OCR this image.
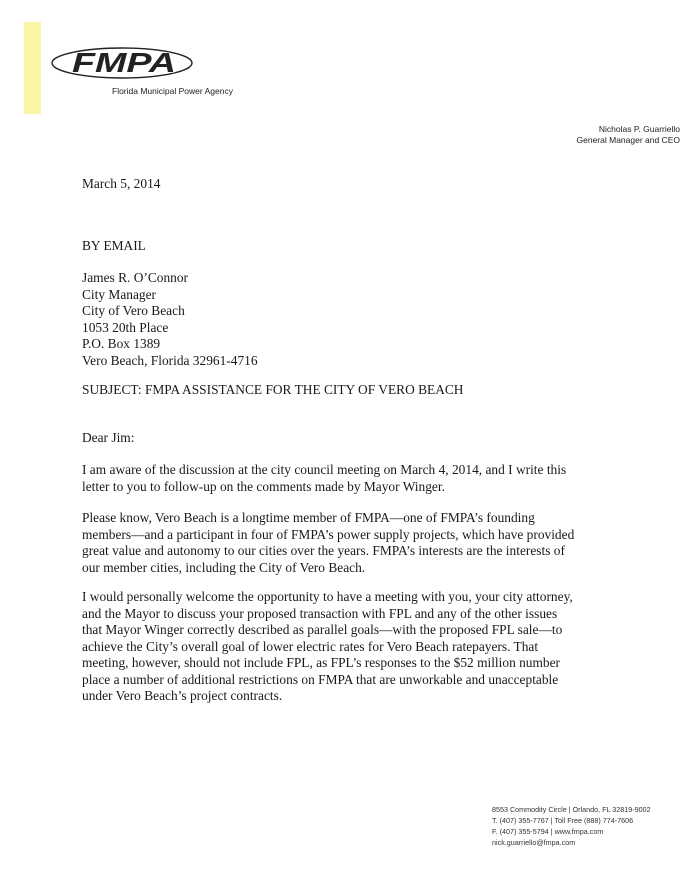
FMPA
Florida Municipal Power Agency
Nicholas P. Guarriello
General Manager and CEO
March 5, 2014
BY EMAIL
James R. O’Connor
City Manager
City of Vero Beach
1053 20th Place
P.O. Box 1389
Vero Beach, Florida 32961-4716
SUBJECT: FMPA ASSISTANCE FOR THE CITY OF VERO BEACH
Dear Jim:
I am aware of the discussion at the city council meeting on March 4, 2014, and I write this
letter to you to follow-up on the comments made by Mayor Winger.
Please know, Vero Beach is a longtime member of FMPA—one of FMPA’s founding
members—and a participant in four of FMPA’s power supply projects, which have provided
great value and autonomy to our cities over the years. FMPA’s interests are the interests of
our member cities, including the City of Vero Beach.
I would personally welcome the opportunity to have a meeting with you, your city attorney,
and the Mayor to discuss your proposed transaction with FPL and any of the other issues
that Mayor Winger correctly described as parallel goals—with the proposed FPL sale—to
achieve the City’s overall goal of lower electric rates for Vero Beach ratepayers. That
meeting, however, should not include FPL, as FPL’s responses to the $52 million number
place a number of additional restrictions on FMPA that are unworkable and unacceptable
under Vero Beach’s project contracts.
8553 Commodity Circle | Orlando, FL 32819-9002
T. (407) 355-7767 | Toll Free (888) 774-7606
F. (407) 355-5794 | www.fmpa.com
nick.guarriello@fmpa.com
